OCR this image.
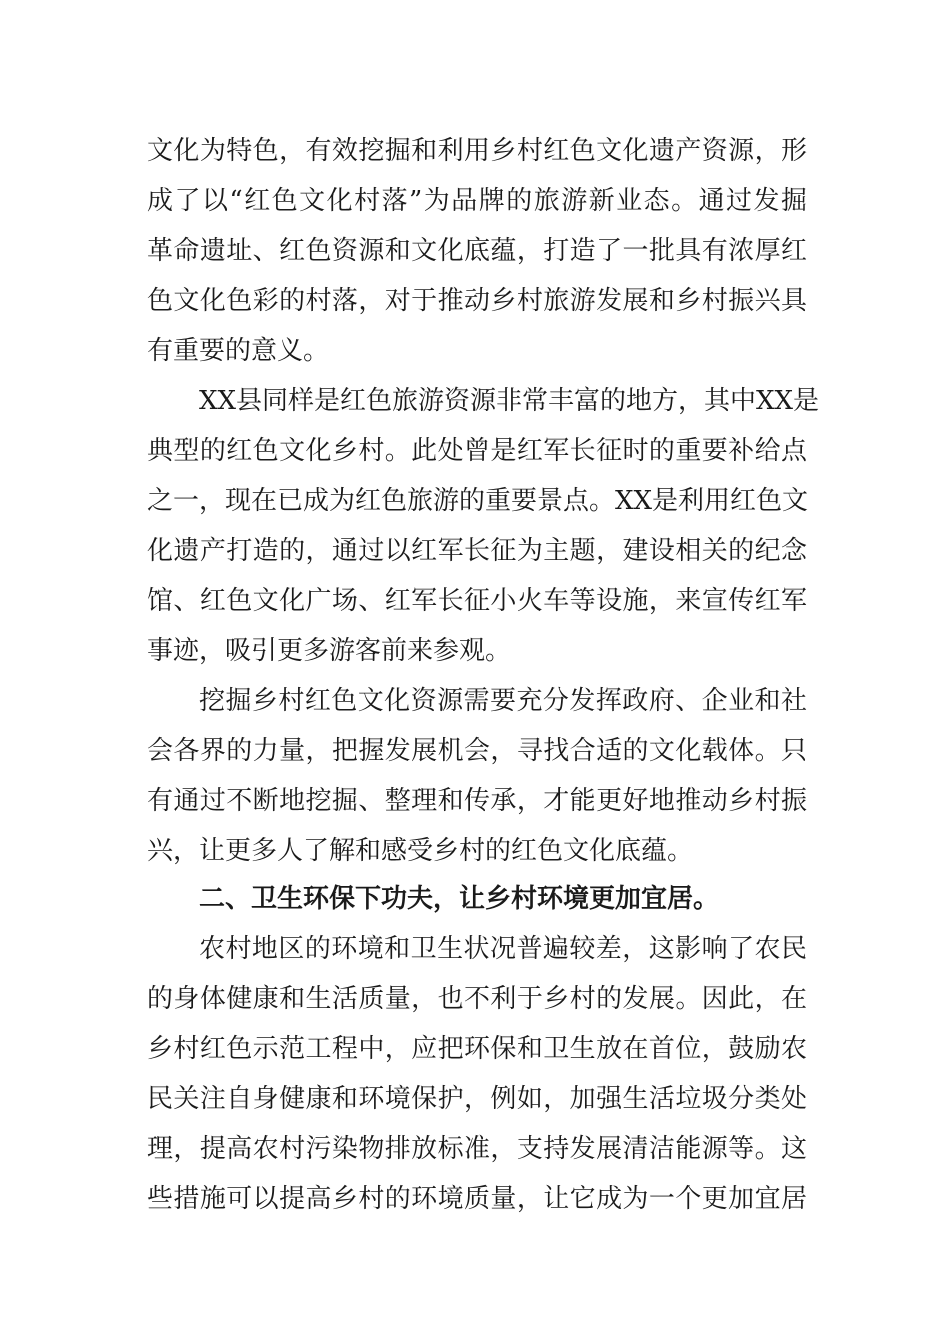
文化为特色，有效挖掘和利用乡村红色文化遗产资源，形
成了以“红色文化村落”为品牌的旅游新业态。通过发掘
革命遗址、红色资源和文化底蕴，打造了一批具有浓厚红
色文化色彩的村落，对于推动乡村旅游发展和乡村振兴具
有重要的意义。
XX县同样是红色旅游资源非常丰富的地方，其中XX是
典型的红色文化乡村。此处曾是红军长征时的重要补给点
之一，现在已成为红色旅游的重要景点。XX是利用红色文
化遗产打造的，通过以红军长征为主题，建设相关的纪念
馆、红色文化广场、红军长征小火车等设施，来宣传红军
事迹，吸引更多游客前来参观。
挖掘乡村红色文化资源需要充分发挥政府、企业和社
会各界的力量，把握发展机会，寻找合适的文化载体。只
有通过不断地挖掘、整理和传承，才能更好地推动乡村振
兴，让更多人了解和感受乡村的红色文化底蕴。
二、卫生环保下功夫，让乡村环境更加宜居。
农村地区的环境和卫生状况普遍较差，这影响了农民
的身体健康和生活质量，也不利于乡村的发展。因此，在
乡村红色示范工程中，应把环保和卫生放在首位，鼓励农
民关注自身健康和环境保护，例如，加强生活垃圾分类处
理，提高农村污染物排放标准，支持发展清洁能源等。这
些措施可以提高乡村的环境质量，让它成为一个更加宜居
